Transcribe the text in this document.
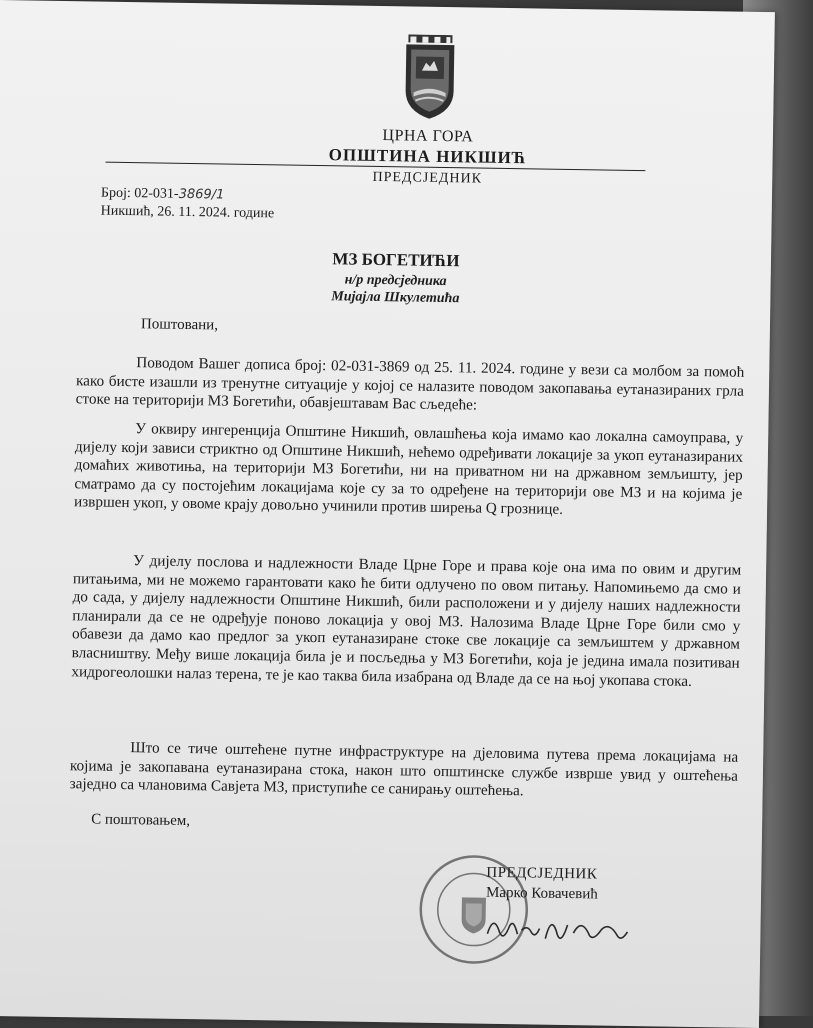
ЦРНА ГОРА
ОПШТИНА НИКШИЋ
ПРЕДСЈЕДНИК
Број: 02-031-3869/1
Никшић, 26. 11. 2024. године
МЗ БОГЕТИЋИ
н/р предсједника
Мијајла Шкулетића
Поштовани,

Поводом Вашег дописа број: 02-031-3869 од 25. 11. 2024. године у вези са молбом за помоћ како бисте изашли из тренутне ситуације у којој се налазите поводом закопавања еутаназираних грла стоке на територији МЗ Богетићи, обавјештавам Вас сљедеће:

У оквиру ингеренција Општине Никшић, овлашћења која имамо као локална самоуправа, у дијелу који зависи стриктно од Општине Никшић, нећемо одређивати локације за укоп еутаназираних домаћих животиња, на територији МЗ Богетићи, ни на приватном ни на државном земљишту, јер сматрамо да су постојећим локацијама које су за то одређене на територији ове МЗ и на којима је извршен укоп, у овоме крају довољно учинили против ширења Q грознице.

У дијелу послова и надлежности Владе Црне Горе и права које она има по овим и другим питањима, ми не можемо гарантовати како ће бити одлучено по овом питању. Напомињемо да смо и до сада, у дијелу надлежности Општине Никшић, били расположени и у дијелу наших надлежности планирали да се не одређује поново локација у овој МЗ. Налозима Владе Црне Горе били смо у обавези да дамо као предлог за укоп еутаназиране стоке све локације са земљиштем у државном власништву. Међу више локација била је и посљедња у МЗ Богетићи, која је једина имала позитиван хидрогеолошки налаз терена, те је као таква била изабрана од Владе да се на њој укопава стока.

Што се тиче оштећене путне инфраструктуре на дјеловима путева према локацијама на којима је закопавана еутаназирана стока, након што општинске службе изврше увид у оштећења заједно са члановима Савјета МЗ, приступиће се санирању оштећења.

С поштовањем,
ПРЕДСЈЕДНИК
Марко Ковачевић
